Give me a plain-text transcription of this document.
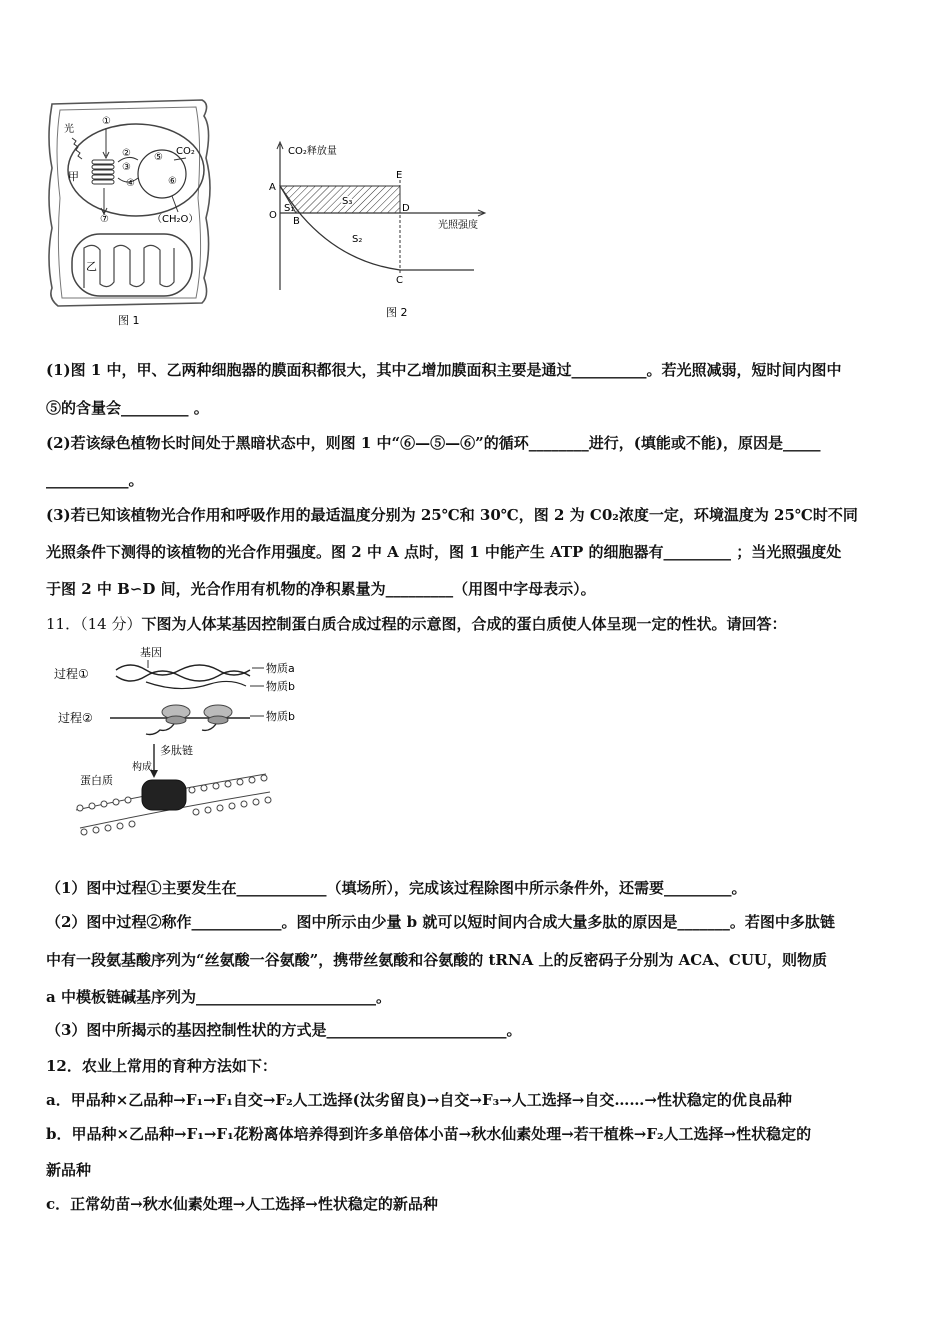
光
①
甲
②
③
④
⑤
⑥
CO₂
⑦	（CH₂O）
乙
图 1
CO₂释放量
光照强度
A
O
B
E
D
C
S₁
S₃
S₂
图 2
(1)图 1 中，甲、乙两种细胞器的膜面积都很大，其中乙增加膜面积主要是通过__________。若光照减弱，短时间内图中
⑤的含量会_________ 。
(2)若该绿色植物长时间处于黑暗状态中，则图 1 中“⑥—⑤—⑥”的循环________进行，(填能或不能)，原因是_____
___________。
(3)若已知该植物光合作用和呼吸作用的最适温度分别为 25℃和 30℃，图 2 为 C0₂浓度一定，环境温度为 25℃时不同
光照条件下测得的该植物的光合作用强度。图 2 中 A 点时，图 1 中能产生 ATP 的细胞器有_________ ；当光照强度处
于图 2 中 B∽D 间，光合作用有机物的净积累量为_________（用图中字母表示）。
11．（14 分）下图为人体某基因控制蛋白质合成过程的示意图，合成的蛋白质使人体呈现一定的性状。请回答：
过程①
基因
物质a
物质b
过程②	物质b
多肽链
构成
蛋白质
（1）图中过程①主要发生在____________（填场所），完成该过程除图中所示条件外，还需要_________。
（2）图中过程②称作____________。图中所示由少量 b 就可以短时间内合成大量多肽的原因是_______。若图中多肽链
中有一段氨基酸序列为“丝氨酸一谷氨酸”，携带丝氨酸和谷氨酸的 tRNA 上的反密码子分别为 ACA、CUU，则物质
a 中模板链碱基序列为________________________。
（3）图中所揭示的基因控制性状的方式是________________________。
12．农业上常用的育种方法如下：
a．甲品种×乙品种→F₁→F₁自交→F₂人工选择(汰劣留良)→自交→F₃→人工选择→自交……→性状稳定的优良品种
b．甲品种×乙品种→F₁→F₁花粉离体培养得到许多单倍体小苗→秋水仙素处理→若干植株→F₂人工选择→性状稳定的
新品种
c．正常幼苗→秋水仙素处理→人工选择→性状稳定的新品种
